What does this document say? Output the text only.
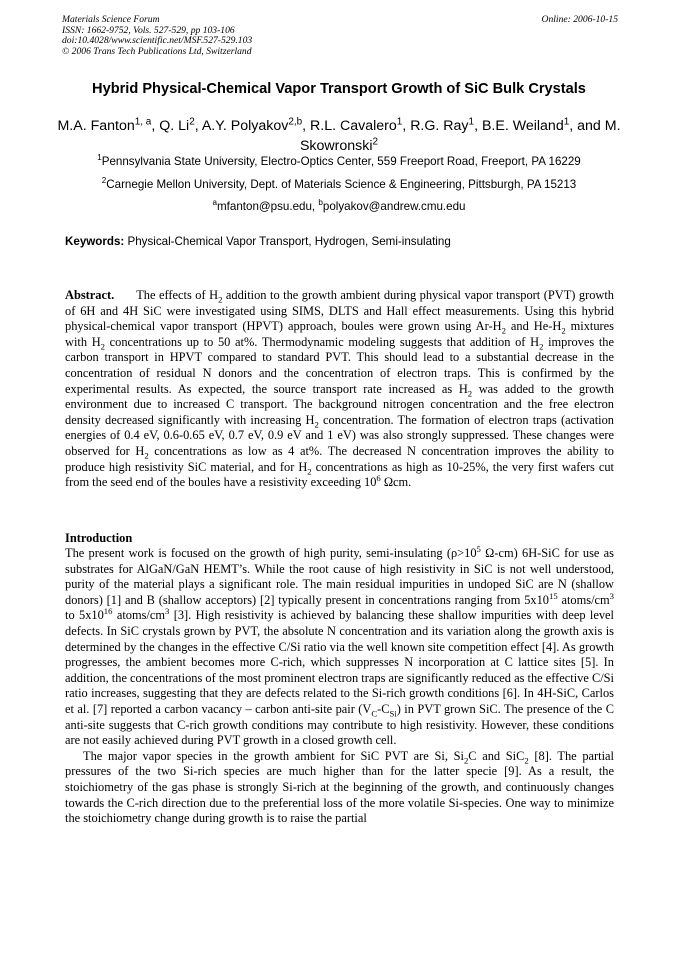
Materials Science Forum
ISSN: 1662-9752, Vols. 527-529, pp 103-106
doi:10.4028/www.scientific.net/MSF.527-529.103
© 2006 Trans Tech Publications Ltd, Switzerland
Online: 2006-10-15
Hybrid Physical-Chemical Vapor Transport Growth of SiC Bulk Crystals
M.A. Fanton$^{1, a}$, Q. Li$^2$, A.Y. Polyakov$^{2,b}$, R.L. Cavalero$^1$, R.G. Ray$^1$, B.E. Weiland$^1$, and M. Skowronski$^2$
$^1$Pennsylvania State University, Electro-Optics Center, 559 Freeport Road, Freeport, PA 16229
$^2$Carnegie Mellon University, Dept. of Materials Science & Engineering, Pittsburgh, PA 15213
$^a$mfanton@psu.edu, $^b$polyakov@andrew.cmu.edu
Keywords: Physical-Chemical Vapor Transport, Hydrogen, Semi-insulating
Abstract. The effects of $H_2$ addition to the growth ambient during physical vapor transport (PVT) growth of 6H and 4H SiC were investigated using SIMS, DLTS and Hall effect measurements. Using this hybrid physical-chemical vapor transport (HPVT) approach, boules were grown using $Ar-H_2$ and $He-H_2$ mixtures with $H_2$ concentrations up to 50 at%. Thermodynamic modeling suggests that addition of $H_2$ improves the carbon transport in HPVT compared to standard PVT. This should lead to a substantial decrease in the concentration of residual N donors and the concentration of electron traps. This is confirmed by the experimental results. As expected, the source transport rate increased as $H_2$ was added to the growth environment due to increased C transport. The background nitrogen concentration and the free electron density decreased significantly with increasing $H_2$ concentration. The formation of electron traps (activation energies of 0.4 eV, 0.6-0.65 eV, 0.7 eV, 0.9 eV and 1 eV) was also strongly suppressed. These changes were observed for $H_2$ concentrations as low as 4 at%. The decreased N concentration improves the ability to produce high resistivity SiC material, and for $H_2$ concentrations as high as 10-25%, the very first wafers cut from the seed end of the boules have a resistivity exceeding $10^6$ Ωcm.
Introduction

The present work is focused on the growth of high purity, semi-insulating ($\rho>10^5$ Ω-cm) 6H-SiC for use as substrates for AlGaN/GaN HEMT’s. While the root cause of high resistivity in SiC is not well understood, purity of the material plays a significant role. The main residual impurities in undoped SiC are N (shallow donors) [1] and B (shallow acceptors) [2] typically present in concentrations ranging from $5x10^{15}$ atoms/$cm^3$ to $5x10^{16}$ atoms/$cm^3$ [3]. High resistivity is achieved by balancing these shallow impurities with deep level defects. In SiC crystals grown by PVT, the absolute N concentration and its variation along the growth axis is determined by the changes in the effective C/Si ratio via the well known site competition effect [4]. As growth progresses, the ambient becomes more C-rich, which suppresses N incorporation at C lattice sites [5]. In addition, the concentrations of the most prominent electron traps are significantly reduced as the effective C/Si ratio increases, suggesting that they are defects related to the Si-rich growth conditions [6]. In 4H-SiC, Carlos et al. [7] reported a carbon vacancy – carbon anti-site pair $(V_C-C_{Si})$ in PVT grown SiC. The presence of the C anti-site suggests that C-rich growth conditions may contribute to high resistivity. However, these conditions are not easily achieved during PVT growth in a closed growth cell.

The major vapor species in the growth ambient for SiC PVT are Si, $Si_2C$ and SiC$_2$ [8]. The partial pressures of the two Si-rich species are much higher than for the latter specie [9]. As a result, the stoichiometry of the gas phase is strongly Si-rich at the beginning of the growth, and continuously changes towards the C-rich direction due to the preferential loss of the more volatile Si-species. One way to minimize the stoichiometry change during growth is to raise the partial
